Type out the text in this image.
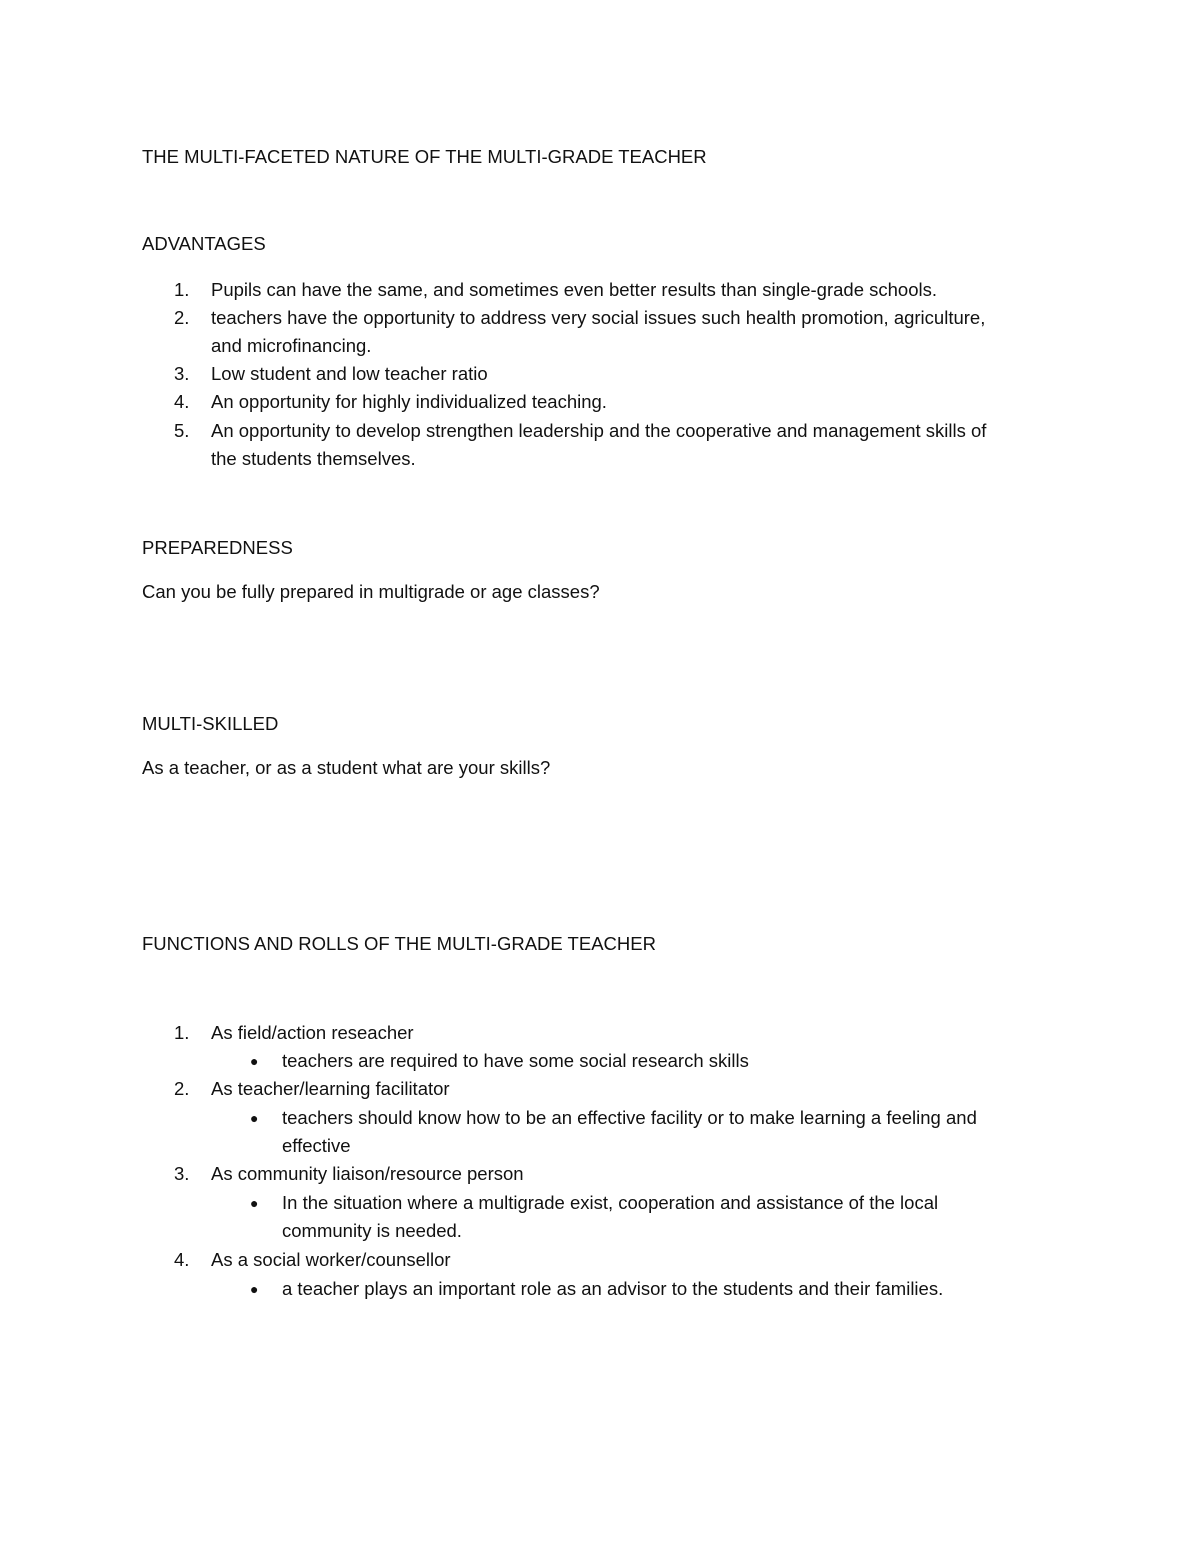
THE MULTI-FACETED NATURE OF THE MULTI-GRADE TEACHER
ADVANTAGES
1. Pupils can have the same, and sometimes even better results than single-grade schools.
2. teachers have the opportunity to address very social issues such health promotion, agriculture,
and microfinancing.
3. Low student and low teacher ratio
4. An opportunity for highly individualized teaching.
5. An opportunity to develop strengthen leadership and the cooperative and management skills of
the students themselves.
PREPAREDNESS
Can you be fully prepared in multigrade or age classes?
MULTI-SKILLED
As a teacher, or as a student what are your skills?
FUNCTIONS AND ROLLS OF THE MULTI-GRADE TEACHER
1. As field/action reseacher
● teachers are required to have some social research skills
2. As teacher/learning facilitator
● teachers should know how to be an effective facility or to make learning a feeling and
effective
3. As community liaison/resource person
● In the situation where a multigrade exist, cooperation and assistance of the local
community is needed.
4. As a social worker/counsellor
● a teacher plays an important role as an advisor to the students and their families.
